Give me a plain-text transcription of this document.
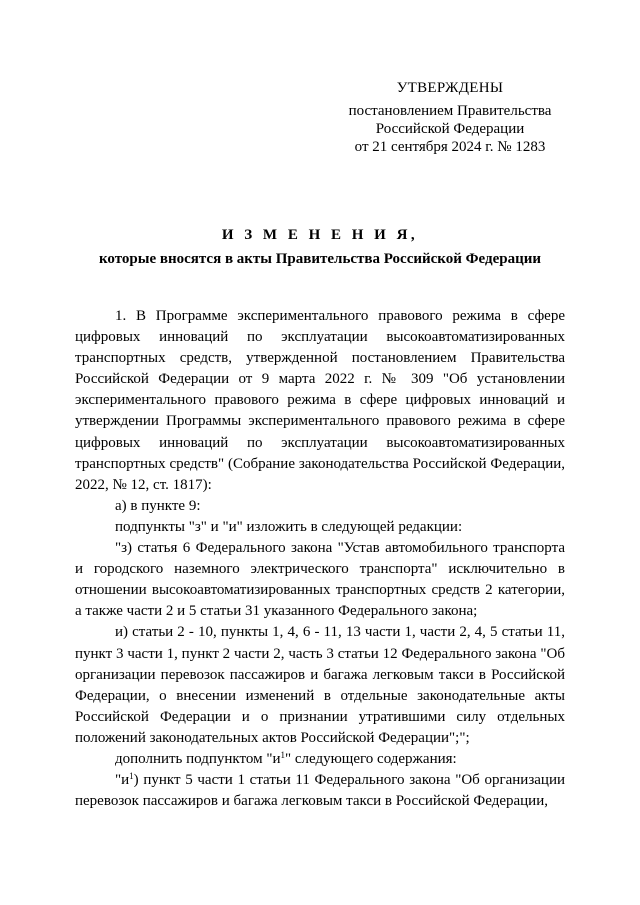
УТВЕРЖДЕНЫ
постановлением Правительства
Российской Федерации
от 21 сентября 2024 г. № 1283
И З М Е Н Е Н И Я,
которые вносятся в акты Правительства Российской Федерации

1. В Программе экспериментального правового режима в сфере цифровых инноваций по эксплуатации высокоавтоматизированных транспортных средств, утвержденной постановлением Правительства Российской Федерации от 9 марта 2022 г. № 309 "Об установлении экспериментального правового режима в сфере цифровых инноваций и утверждении Программы экспериментального правового режима в сфере цифровых инноваций по эксплуатации высокоавтоматизированных транспортных средств" (Собрание законодательства Российской Федерации, 2022, № 12, ст. 1817):

а) в пункте 9:

подпункты "з" и "и" изложить в следующей редакции:

"з) статья 6 Федерального закона "Устав автомобильного транспорта и городского наземного электрического транспорта" исключительно в отношении высокоавтоматизированных транспортных средств 2 категории, а также части 2 и 5 статьи 31 указанного Федерального закона;

и) статьи 2 - 10, пункты 1, 4, 6 - 11, 13 части 1, части 2, 4, 5 статьи 11, пункт 3 части 1, пункт 2 части 2, часть 3 статьи 12 Федерального закона "Об организации перевозок пассажиров и багажа легковым такси в Российской Федерации, о внесении изменений в отдельные законодательные акты Российской Федерации и о признании утратившими силу отдельных положений законодательных актов Российской Федерации";";

дополнить подпунктом "$и^1$" следующего содержания:

"$и^1$) пункт 5 части 1 статьи 11 Федерального закона "Об организации перевозок пассажиров и багажа легковым такси в Российской Федерации,
